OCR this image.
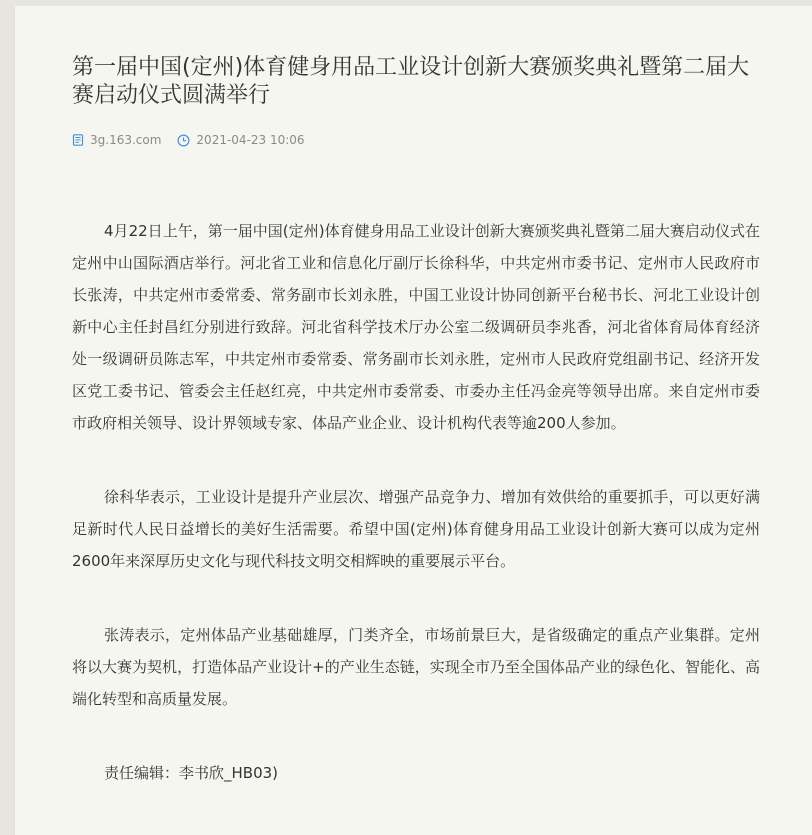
第一届中国(定州)体育健身用品工业设计创新大赛颁奖典礼暨第二届大赛启动仪式圆满举行
3g.163.com	2021-04-23 10:06

4月22日上午，第一届中国(定州)体育健身用品工业设计创新大赛颁奖典礼暨第二届大赛启动仪式在定州中山国际酒店举行。河北省工业和信息化厅副厅长徐科华，中共定州市委书记、定州市人民政府市长张涛，中共定州市委常委、常务副市长刘永胜，中国工业设计协同创新平台秘书长、河北工业设计创新中心主任封昌红分别进行致辞。河北省科学技术厅办公室二级调研员李兆香，河北省体育局体育经济处一级调研员陈志军，中共定州市委常委、常务副市长刘永胜，定州市人民政府党组副书记、经济开发区党工委书记、管委会主任赵红亮，中共定州市委常委、市委办主任冯金亮等领导出席。来自定州市委市政府相关领导、设计界领域专家、体品产业企业、设计机构代表等逾200人参加。

徐科华表示，工业设计是提升产业层次、增强产品竞争力、增加有效供给的重要抓手，可以更好满足新时代人民日益增长的美好生活需要。希望中国(定州)体育健身用品工业设计创新大赛可以成为定州2600年来深厚历史文化与现代科技文明交相辉映的重要展示平台。

张涛表示，定州体品产业基础雄厚，门类齐全，市场前景巨大，是省级确定的重点产业集群。定州将以大赛为契机，打造体品产业设计+的产业生态链，实现全市乃至全国体品产业的绿色化、智能化、高端化转型和高质量发展。

责任编辑：李书欣_HB03)
